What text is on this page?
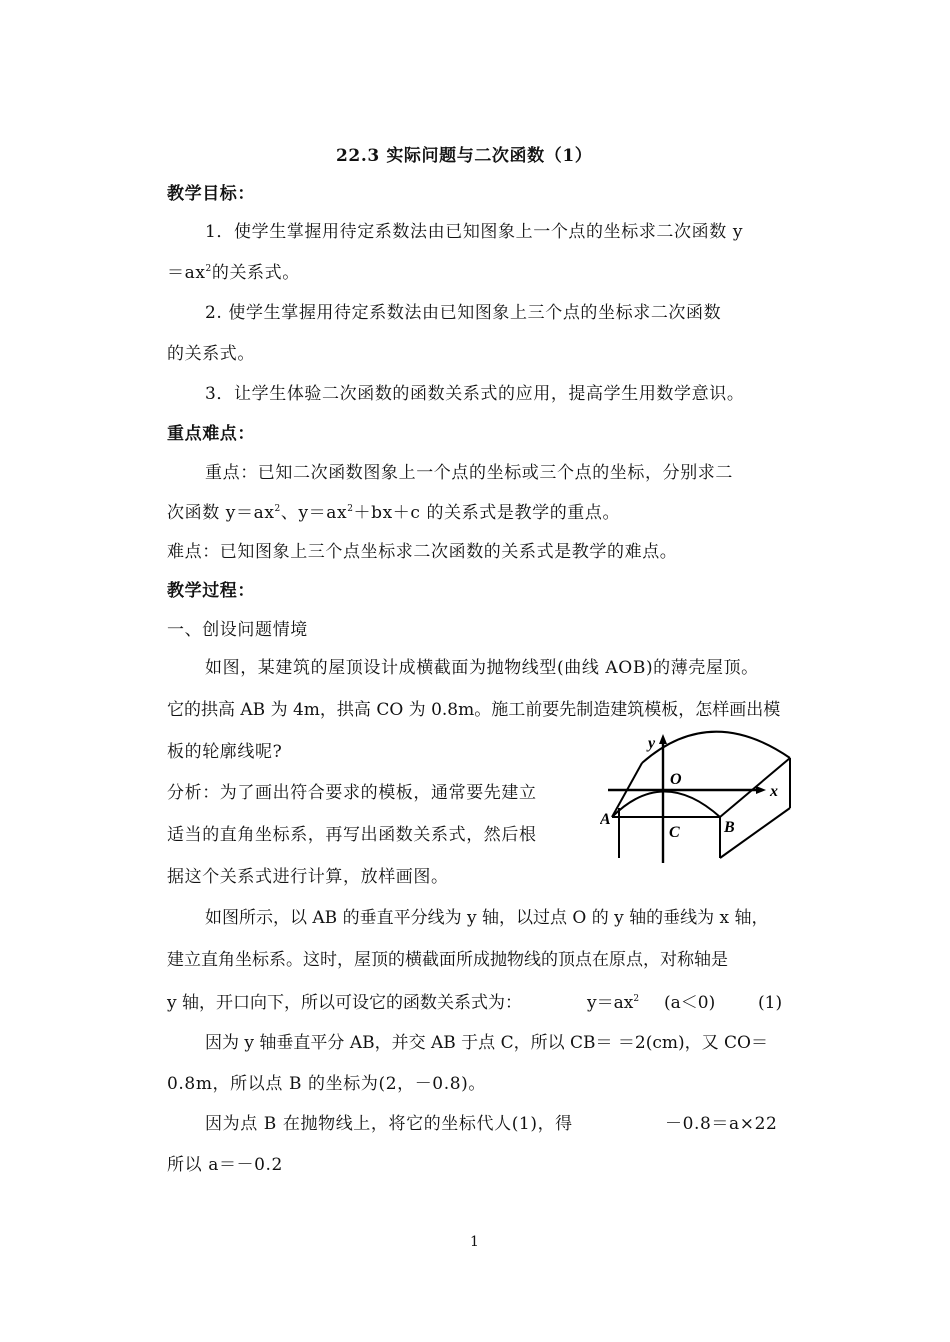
22.3 实际问题与二次函数（1）
教学目标：
1．使学生掌握用待定系数法由已知图象上一个点的坐标求二次函数 y
$=ax^2$的关系式。
2. 使学生掌握用待定系数法由已知图象上三个点的坐标求二次函数
的关系式。
3．让学生体验二次函数的函数关系式的应用，提高学生用数学意识。
重点难点：
重点：已知二次函数图象上一个点的坐标或三个点的坐标，分别求二
次函数 $y=ax^2$、$y=ax^2+bx+c$ 的关系式是教学的重点。
难点：已知图象上三个点坐标求二次函数的关系式是教学的难点。
教学过程：
一、创设问题情境
如图，某建筑的屋顶设计成横截面为抛物线型(曲线 AOB)的薄壳屋顶。
它的拱高 AB 为 4m，拱高 CO 为 0.8m。施工前要先制造建筑模板，怎样画出模
板的轮廓线呢?
分析：为了画出符合要求的模板，通常要先建立
适当的直角坐标系，再写出函数关系式，然后根
据这个关系式进行计算，放样画图。
如图所示，以 AB 的垂直平分线为 y 轴，以过点 O 的 y 轴的垂线为 x 轴，
建立直角坐标系。这时，屋顶的横截面所成抛物线的顶点在原点，对称轴是
y 轴，开口向下，所以可设它的函数关系式为：	$y=ax^2$ (a＜0)	(1)
因为 y 轴垂直平分 AB，并交 AB 于点 C，所以 CB＝ ＝2(cm)，又 CO＝
0.8m，所以点 B 的坐标为(2，－0.8)。
因为点 B 在抛物线上，将它的坐标代人(1)，得	－0.8＝a×22
所以 a＝－0.2
y
x
O
A	B
C
1
